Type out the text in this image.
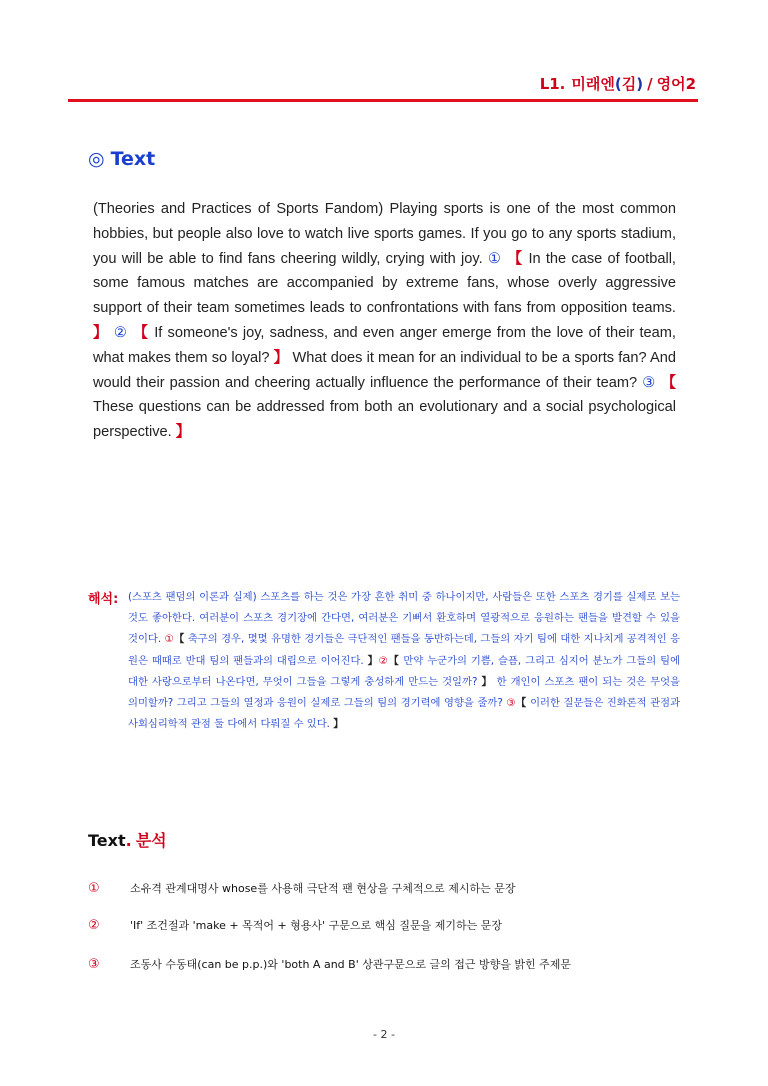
L1. 미래엔(김) / 영어2
◎ Text
(Theories and Practices of Sports Fandom) Playing sports is one of the most common hobbies, but people also love to watch live sports games. If you go to any sports stadium, you will be able to find fans cheering wildly, crying with joy. ① 【 In the case of football, some famous matches are accompanied by extreme fans, whose overly aggressive support of their team sometimes leads to confrontations with fans from opposition teams. 】 ② 【 If someone's joy, sadness, and even anger emerge from the love of their team, what makes them so loyal? 】 What does it mean for an individual to be a sports fan? And would their passion and cheering actually influence the performance of their team? ③ 【 These questions can be addressed from both an evolutionary and a social psychological perspective. 】
해석: (스포츠 팬덤의 이론과 실제) 스포츠를 하는 것은 가장 흔한 취미 중 하나이지만, 사람들은 또한 스포츠 경기를 실제로 보는 것도 좋아한다. 여러분이 스포츠 경기장에 간다면, 여러분은 기뻐서 환호하며 열광적으로 응원하는 팬들을 발견할 수 있을 것이다. ①【 축구의 경우, 몇몇 유명한 경기들은 극단적인 팬들을 동반하는데, 그들의 자기 팀에 대한 지나치게 공격적인 응원은 때때로 반대 팀의 팬들과의 대립으로 이어진다. 】②【 만약 누군가의 기쁨, 슬픔, 그리고 심지어 분노가 그들의 팀에 대한 사랑으로부터 나온다면, 무엇이 그들을 그렇게 충성하게 만드는 것일까? 】 한 개인이 스포츠 팬이 되는 것은 무엇을 의미할까? 그리고 그들의 열정과 응원이 실제로 그들의 팀의 경기력에 영향을 줄까? ③【 이러한 질문들은 진화론적 관점과 사회심리학적 관점 둘 다에서 다뤄질 수 있다. 】
Text. 분석
①	소유격 관계대명사 whose를 사용해 극단적 팬 현상을 구체적으로 제시하는 문장
②	'If' 조건절과 'make + 목적어 + 형용사' 구문으로 핵심 질문을 제기하는 문장
③	조동사 수동태(can be p.p.)와 'both A and B' 상관구문으로 글의 접근 방향을 밝힌 주제문
- 2 -
